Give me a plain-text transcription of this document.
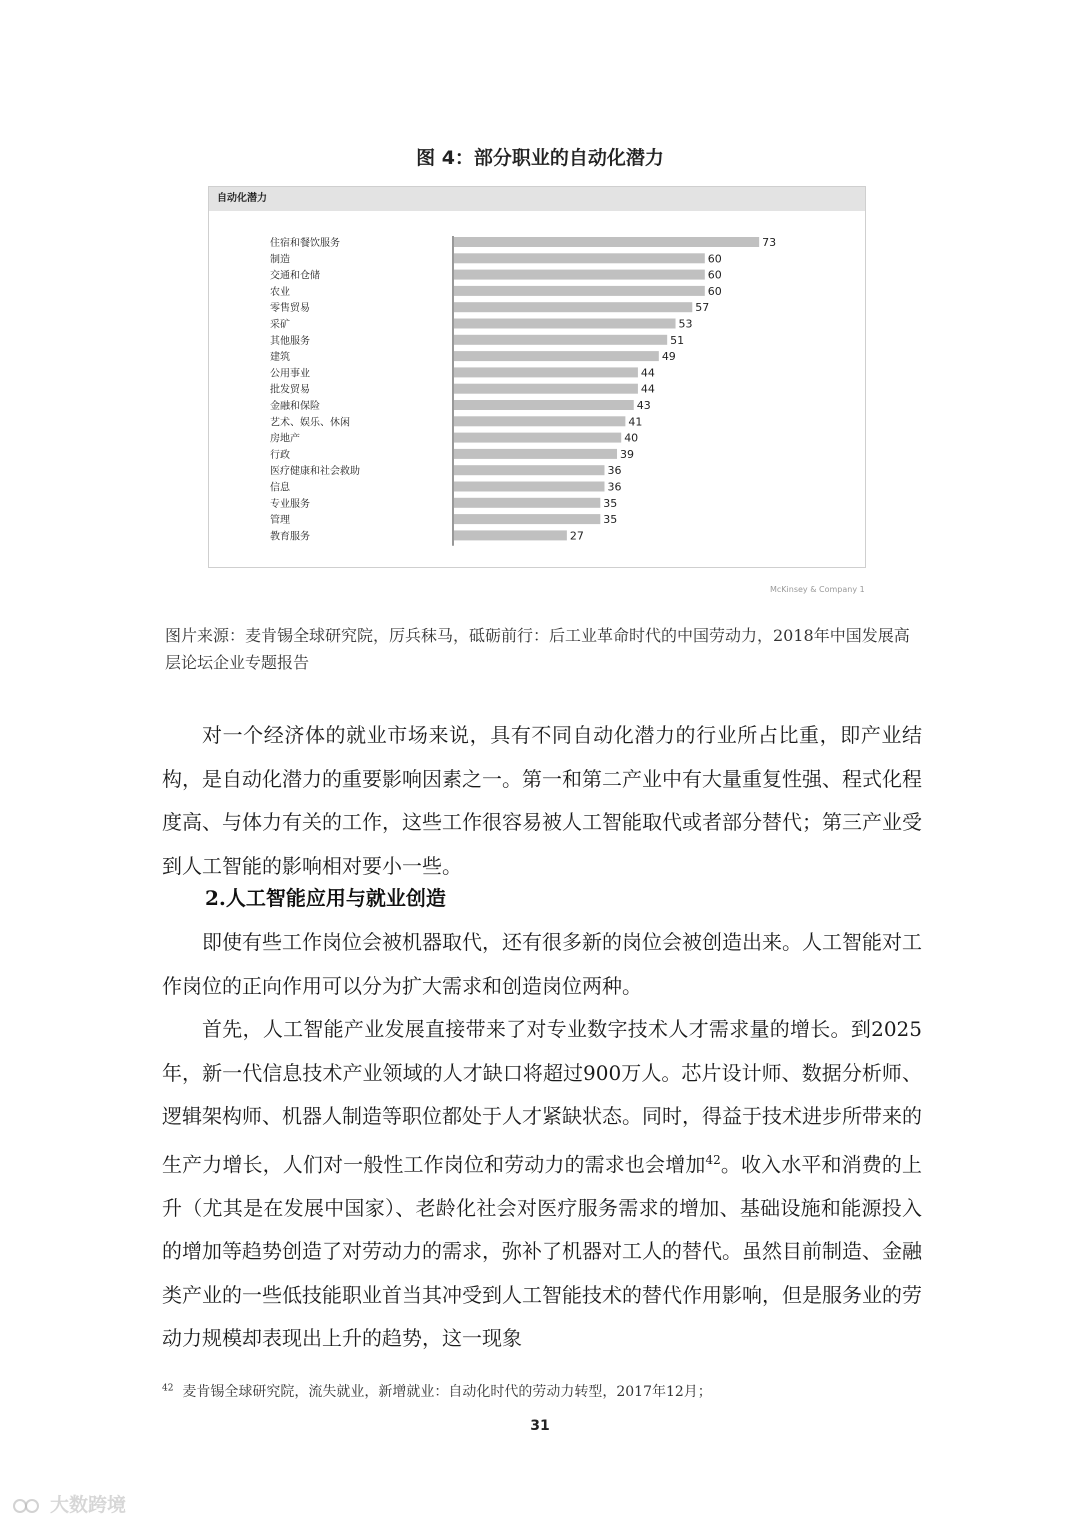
图 4：部分职业的自动化潜力
自动化潜力
住宿和餐饮服务	73
制造	60
交通和仓储	60
农业	60
零售贸易	57
采矿	53
其他服务	51
建筑	49
公用事业	44
批发贸易	44
金融和保险	43
艺术、娱乐、休闲	41
房地产	40
行政	39
医疗健康和社会救助	36
信息	36
专业服务	35
管理	35
教育服务	27
McKinsey & Company 1
图片来源：麦肯锡全球研究院，厉兵秣马，砥砺前行：后工业革命时代的中国劳动力，2018年中国发展高层论坛企业专题报告
对一个经济体的就业市场来说，具有不同自动化潜力的行业所占比重，即产业结构，是自动化潜力的重要影响因素之一。第一和第二产业中有大量重复性强、程式化程度高、与体力有关的工作，这些工作很容易被人工智能取代或者部分替代；第三产业受到人工智能的影响相对要小一些。
2.人工智能应用与就业创造
即使有些工作岗位会被机器取代，还有很多新的岗位会被创造出来。人工智能对工作岗位的正向作用可以分为扩大需求和创造岗位两种。
首先，人工智能产业发展直接带来了对专业数字技术人才需求量的增长。到2025年，新一代信息技术产业领域的人才缺口将超过900万人。芯片设计师、数据分析师、逻辑架构师、机器人制造等职位都处于人才紧缺状态。同时，得益于技术进步所带来的生产力增长，人们对一般性工作岗位和劳动力的需求也会增加$^{42}$。收入水平和消费的上升（尤其是在发展中国家）、老龄化社会对医疗服务需求的增加、基础设施和能源投入的增加等趋势创造了对劳动力的需求，弥补了机器对工人的替代。虽然目前制造、金融类产业的一些低技能职业首当其冲受到人工智能技术的替代作用影响，但是服务业的劳动力规模却表现出上升的趋势，这一现象
$^{42}$ 麦肯锡全球研究院，流失就业，新增就业：自动化时代的劳动力转型，2017年12月；
31
大数跨境
